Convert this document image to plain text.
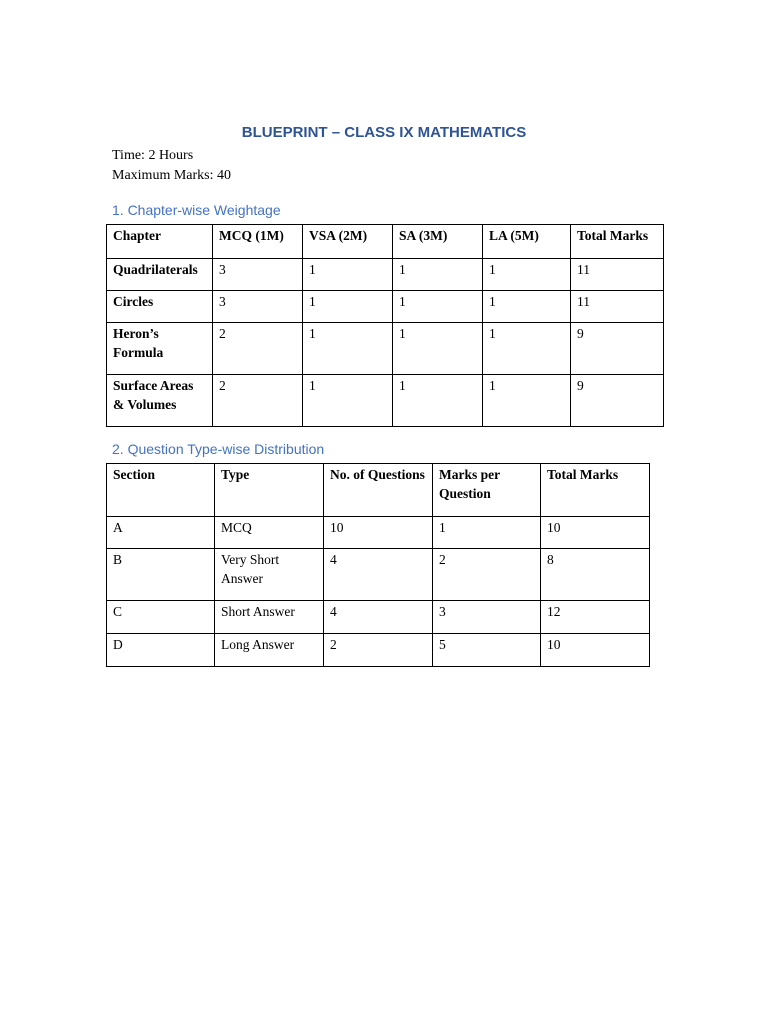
BLUEPRINT – CLASS IX MATHEMATICS
Time: 2 Hours
Maximum Marks: 40
1. Chapter-wise Weightage
Chapter	MCQ (1M)	VSA (2M)	SA (3M)	LA (5M)	Total Marks
Quadrilaterals	3	1	1	1	11
Circles	3	1	1	1	11
Heron’s Formula	2	1	1	1	9
Surface Areas & Volumes	2	1	1	1	9
2. Question Type-wise Distribution
Section	Type	No. of Questions	Marks per Question	Total Marks
A	MCQ	10	1	10
B	Very Short Answer	4	2	8
C	Short Answer	4	3	12
D	Long Answer	2	5	10
